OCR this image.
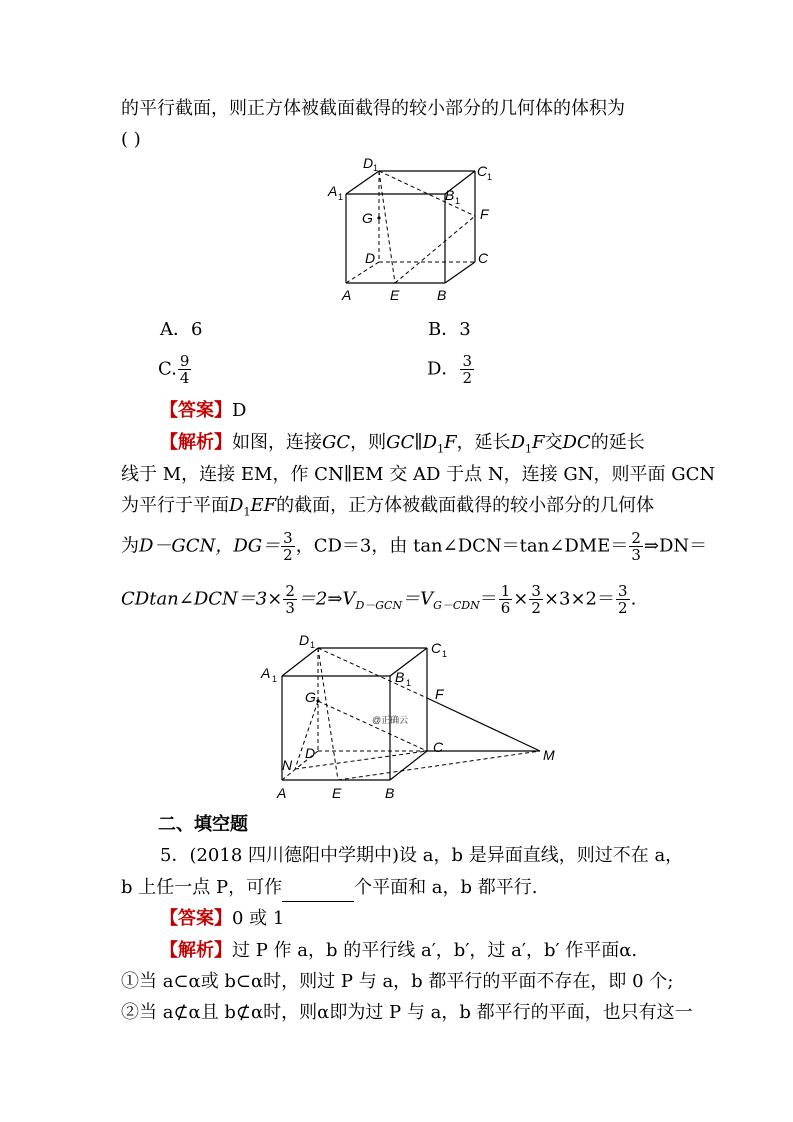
的平行截面，则正方体被截面截得的较小部分的几何体的体积为
( )
D 1	C 1
A 1	B 1
G	F
D	C
A	E	B
A．6	B．3
C. $\frac{9}{4}$	D． $\frac{3}{2}$
【答案】D
【解析】如图，连接GC，则$GC\parallel D_1F$，延长$D_1F$交DC的延长
线于 M，连接 EM，作 CN∥EM 交 AD 于点 N，连接 GN，则平面 GCN
为平行于平面$D_1EF$的截面，正方体被截面截得的较小部分的几何体
为D－GCN，$DG= \frac{3}{2}$ ，CD＝3，由 tan∠DCN＝tan∠DME＝ $\frac{2}{3}$ ⇒DN＝
CDtan∠DCN＝3× $\frac{2}{3}$ $=2\Rightarrow V_{D-GCN}=V_{G-CDN}= \frac{1}{6} \times \frac{3}{2} \times 3\times 2= \frac{3}{2}$ .
D 1	C 1
A 1	B 1
G	F
@正确云
D	C
N
M
A	E	B
二、填空题
5．(2018 四川德阳中学期中)设 a，b 是异面直线，则过不在 a，
b 上任一点 P，可作	个平面和 a，b 都平行.
【答案】0 或 1
【解析】过 P 作 a，b 的平行线 a′，b′，过 a′，b′ 作平面α.
①当 a⊂α或 b⊂α时，则过 P 与 a，b 都平行的平面不存在，即 0 个;
②当 a⊄α且 b⊄α时，则α即为过 P 与 a，b 都平行的平面，也只有这一
